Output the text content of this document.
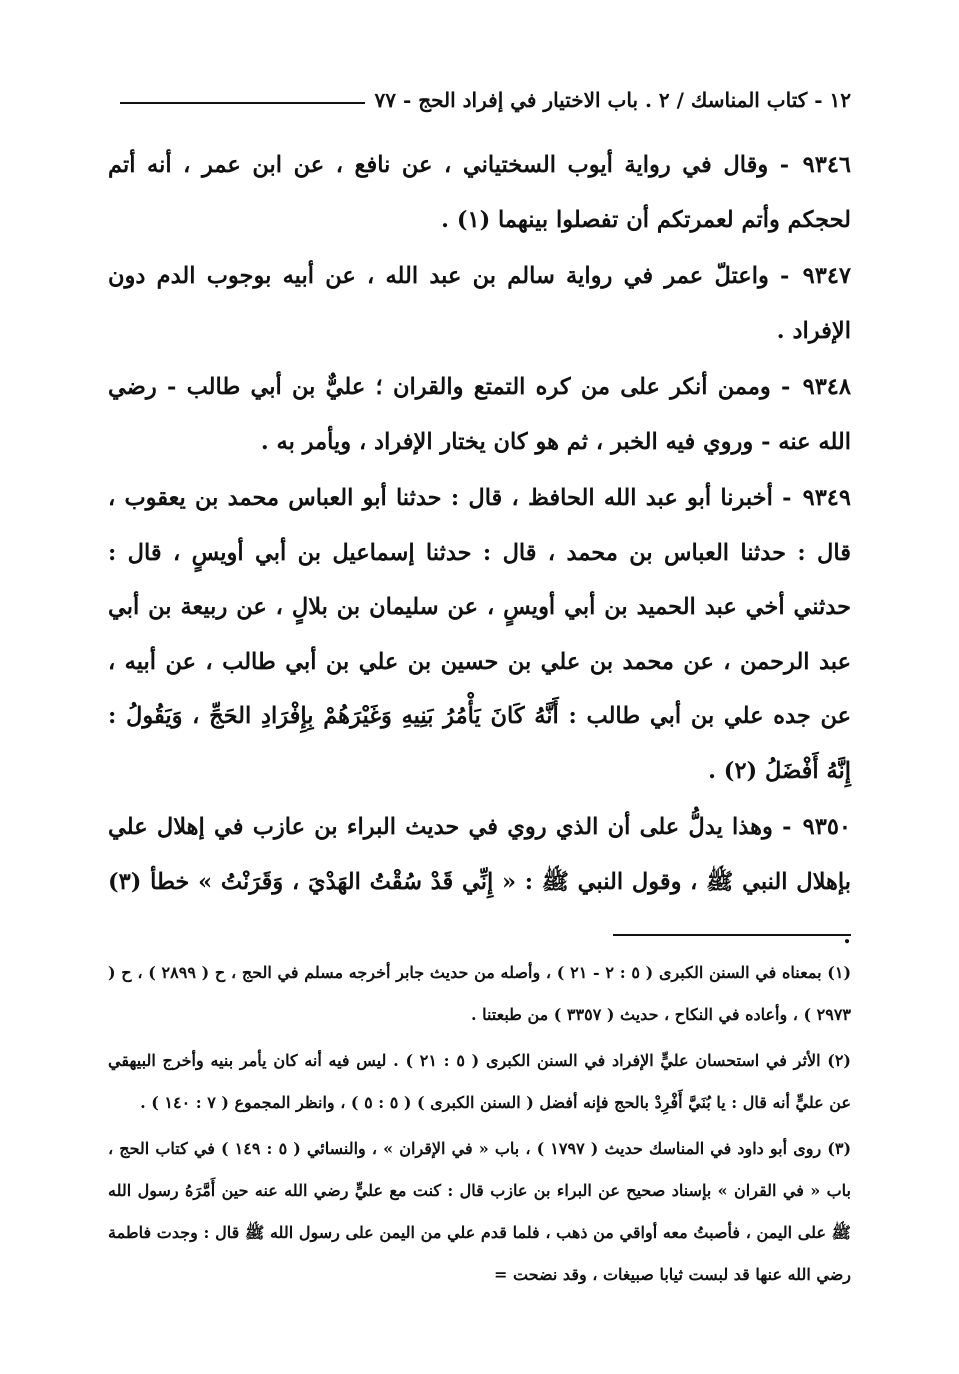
١٢ - كتاب المناسك / ٢ . باب الاختيار في إفراد الحج - ٧٧

٩٣٤٦ - وقال في رواية أيوب السختياني ، عن نافع ، عن ابن عمر ، أنه أتم لحجكم وأتم لعمرتكم أن تفصلوا بينهما (١) .

٩٣٤٧ - واعتلّ عمر في رواية سالم بن عبد الله ، عن أبيه بوجوب الدم دون الإفراد .

٩٣٤٨ - وممن أنكر على من كره التمتع والقران ؛ عليٌّ بن أبي طالب - رضي الله عنه - وروي فيه الخبر ، ثم هو كان يختار الإفراد ، ويأمر به .

٩٣٤٩ - أخبرنا أبو عبد الله الحافظ ، قال : حدثنا أبو العباس محمد بن يعقوب ، قال : حدثنا العباس بن محمد ، قال : حدثنا إسماعيل بن أبي أويسٍ ، قال : حدثني أخي عبد الحميد بن أبي أويسٍ ، عن سليمان بن بلالٍ ، عن ربيعة بن أبي عبد الرحمن ، عن محمد بن علي بن حسين بن علي بن أبي طالب ، عن أبيه ، عن جده علي بن أبي طالب : أَنَّهُ كَانَ يَأْمُرُ بَنِيهِ وَغَيْرَهُمْ بِإِفْرَادِ الحَجِّ ، وَيَقُولُ : إِنَّهُ أَفْضَلُ (٢) .

٩٣٥٠ - وهذا يدلُّ على أن الذي روي في حديث البراء بن عازب في إهلال علي بإهلال النبي ﷺ ، وقول النبي ﷺ : « إِنِّي قَدْ سُقْتُ الهَدْيَ ، وَقَرَنْتُ » خطأ (٣) .

(١) بمعناه في السنن الكبرى ( ٥ : ٢ - ٢١ ) ، وأصله من حديث جابر أخرجه مسلم في الحج ، ح ( ٢٨٩٩ ) ، ح ( ٢٩٧٣ ) ، وأعاده في النكاح ، حديث ( ٣٣٥٧ ) من طبعتنا .

(٢) الأثر في استحسان عليٍّ الإفراد في السنن الكبرى ( ٥ : ٢١ ) . ليس فيه أنه كان يأمر بنيه وأخرج البيهقي عن عليٍّ أنه قال : يا بُنَيَّ أَفْرِدْ بالحج فإنه أفضل ( السنن الكبرى ) ( ٥ : ٥ ) ، وانظر المجموع ( ٧ : ١٤٠ ) .

(٣) روى أبو داود في المناسك حديث ( ١٧٩٧ ) ، باب « في الإقران » ، والنسائي ( ٥ : ١٤٩ ) في كتاب الحج ، باب « في القران » بإسناد صحيح عن البراء بن عازب قال : كنت مع عليٍّ رضي الله عنه حين أَمَّرَهُ رسول الله ﷺ على اليمن ، فأصبتُ معه أواقي من ذهب ، فلما قدم علي من اليمن على رسول الله ﷺ قال : وجدت فاطمة رضي الله عنها قد لبست ثيابا صبيغات ، وقد نضحت =
